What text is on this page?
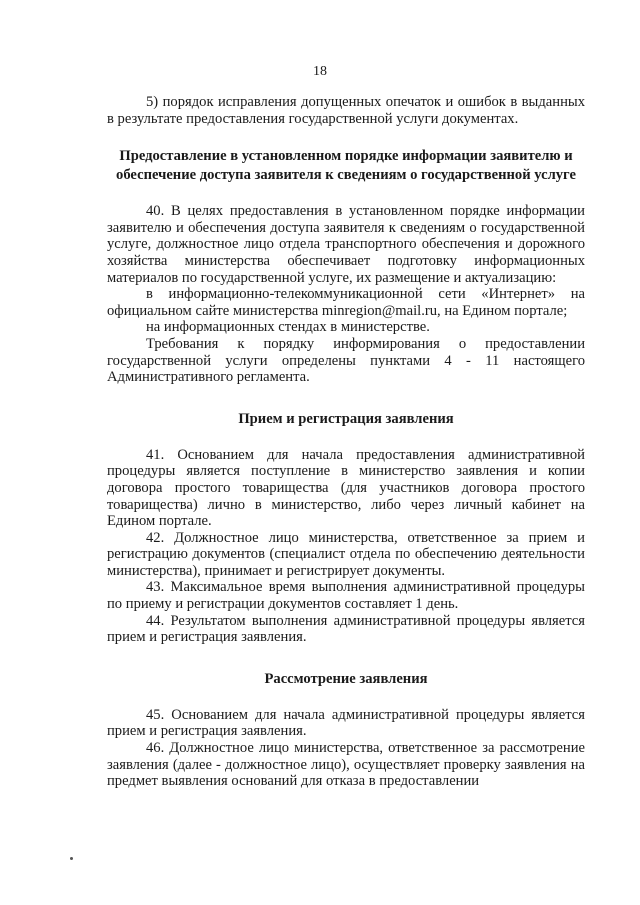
18

5) порядок исправления допущенных опечаток и ошибок в выданных в результате предоставления государственной услуги документах.

Предоставление в установленном порядке информации заявителю и обеспечение доступа заявителя к сведениям о государственной услуге

40. В целях предоставления в установленном порядке информации заявителю и обеспечения доступа заявителя к сведениям о государственной услуге, должностное лицо отдела транспортного обеспечения и дорожного хозяйства министерства обеспечивает подготовку информационных материалов по государственной услуге, их размещение и актуализацию:

в информационно-телекоммуникационной сети «Интернет» на официальном сайте министерства minregion@mail.ru, на Едином портале;

на информационных стендах в министерстве.

Требования к порядку информирования о предоставлении государственной услуги определены пунктами 4 - 11 настоящего Административного регламента.

Прием и регистрация заявления

41. Основанием для начала предоставления административной процедуры является поступление в министерство заявления и копии договора простого товарищества (для участников договора простого товарищества) лично в министерство, либо через личный кабинет на Едином портале.

42. Должностное лицо министерства, ответственное за прием и регистрацию документов (специалист отдела по обеспечению деятельности министерства), принимает и регистрирует документы.

43. Максимальное время выполнения административной процедуры по приему и регистрации документов составляет 1 день.

44. Результатом выполнения административной процедуры является прием и регистрация заявления.

Рассмотрение заявления

45. Основанием для начала административной процедуры является прием и регистрация заявления.

46. Должностное лицо министерства, ответственное за рассмотрение заявления (далее - должностное лицо), осуществляет проверку заявления на предмет выявления оснований для отказа в предоставлении
